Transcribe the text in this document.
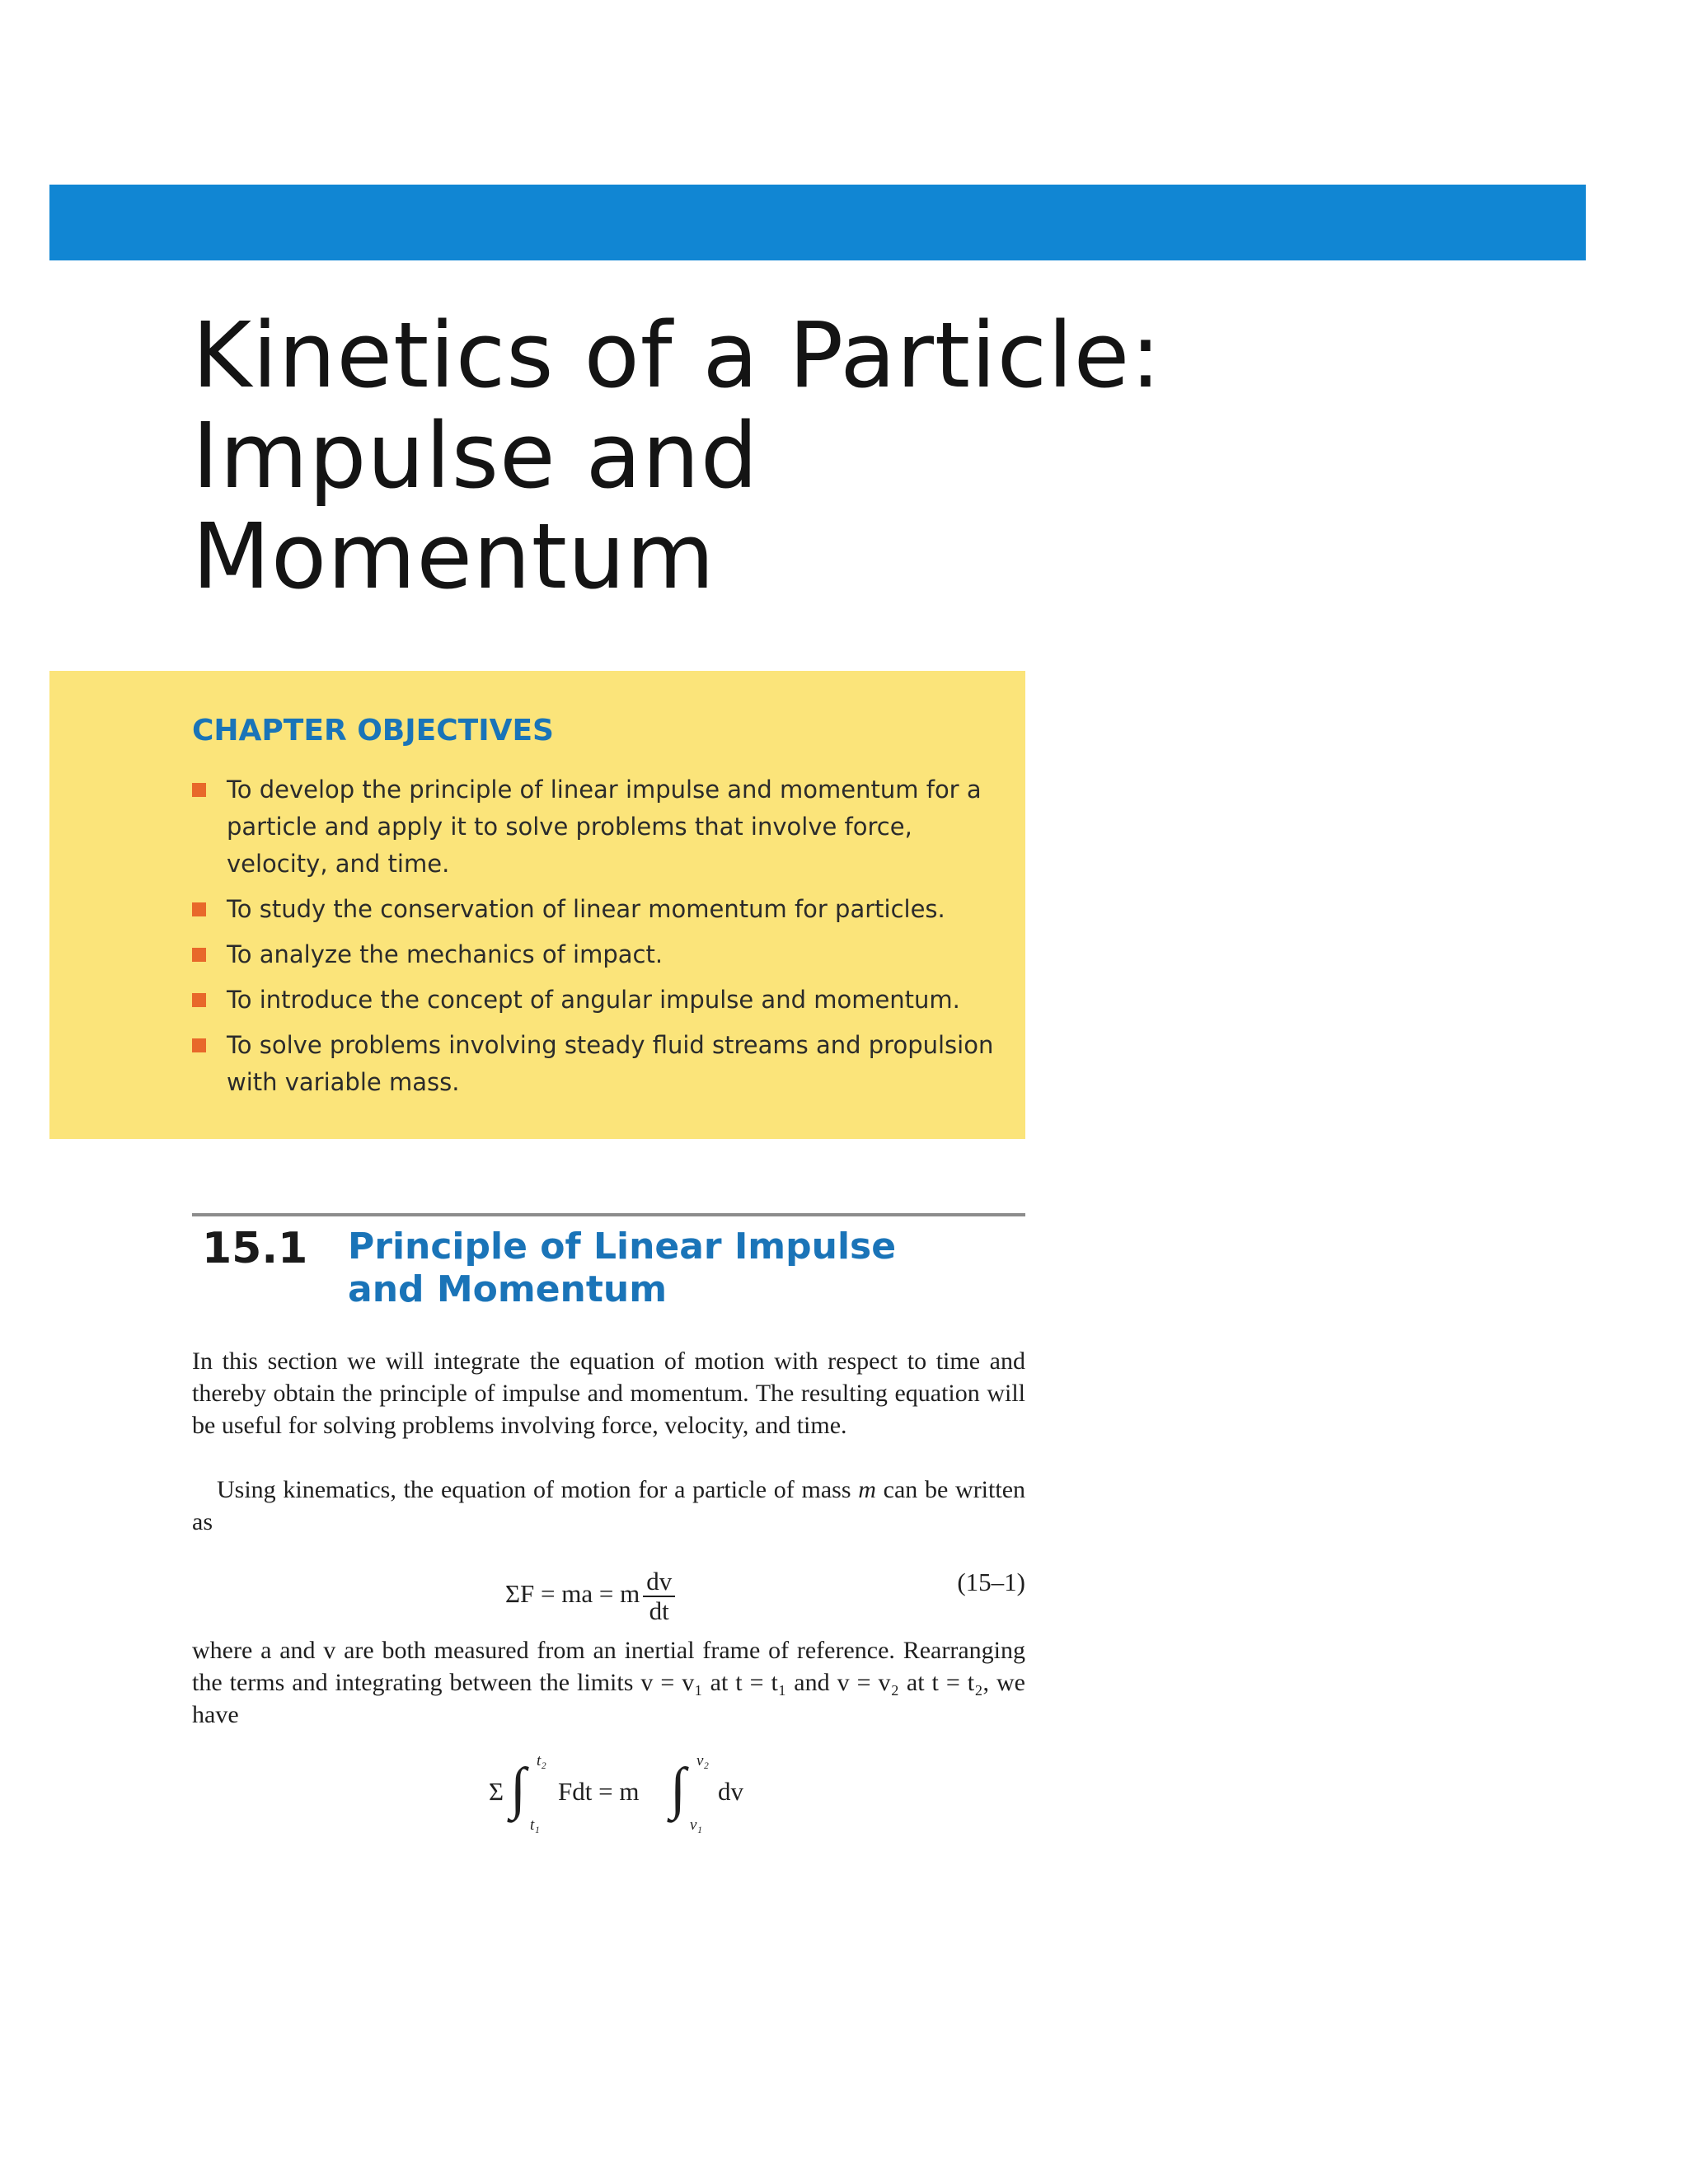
Kinetics of a Particle:
Impulse and
Momentum
CHAPTER OBJECTIVES
To develop the principle of linear impulse and momentum for a particle and apply it to solve problems that involve force, velocity, and time.
To study the conservation of linear momentum for particles.
To analyze the mechanics of impact.
To introduce the concept of angular impulse and momentum.
To solve problems involving steady fluid streams and propulsion with variable mass.
15.1 Principle of Linear Impulse
and Momentum

In this section we will integrate the equation of motion with respect to time and thereby obtain the principle of impulse and momentum. The resulting equation will be useful for solving problems involving force, velocity, and time.

Using kinematics, the equation of motion for a particle of mass m can be written as

ΣF = ma = m $\frac{dv}{dt}$	(15–1)

where a and v are both measured from an inertial frame of reference. Rearranging the terms and integrating between the limits v = v₁ at t = t₁ and v = v₂ at t = t₂, we have

Σ ∫ t₂
t₁
Fdt = m ∫ v₂
v₁
dv
